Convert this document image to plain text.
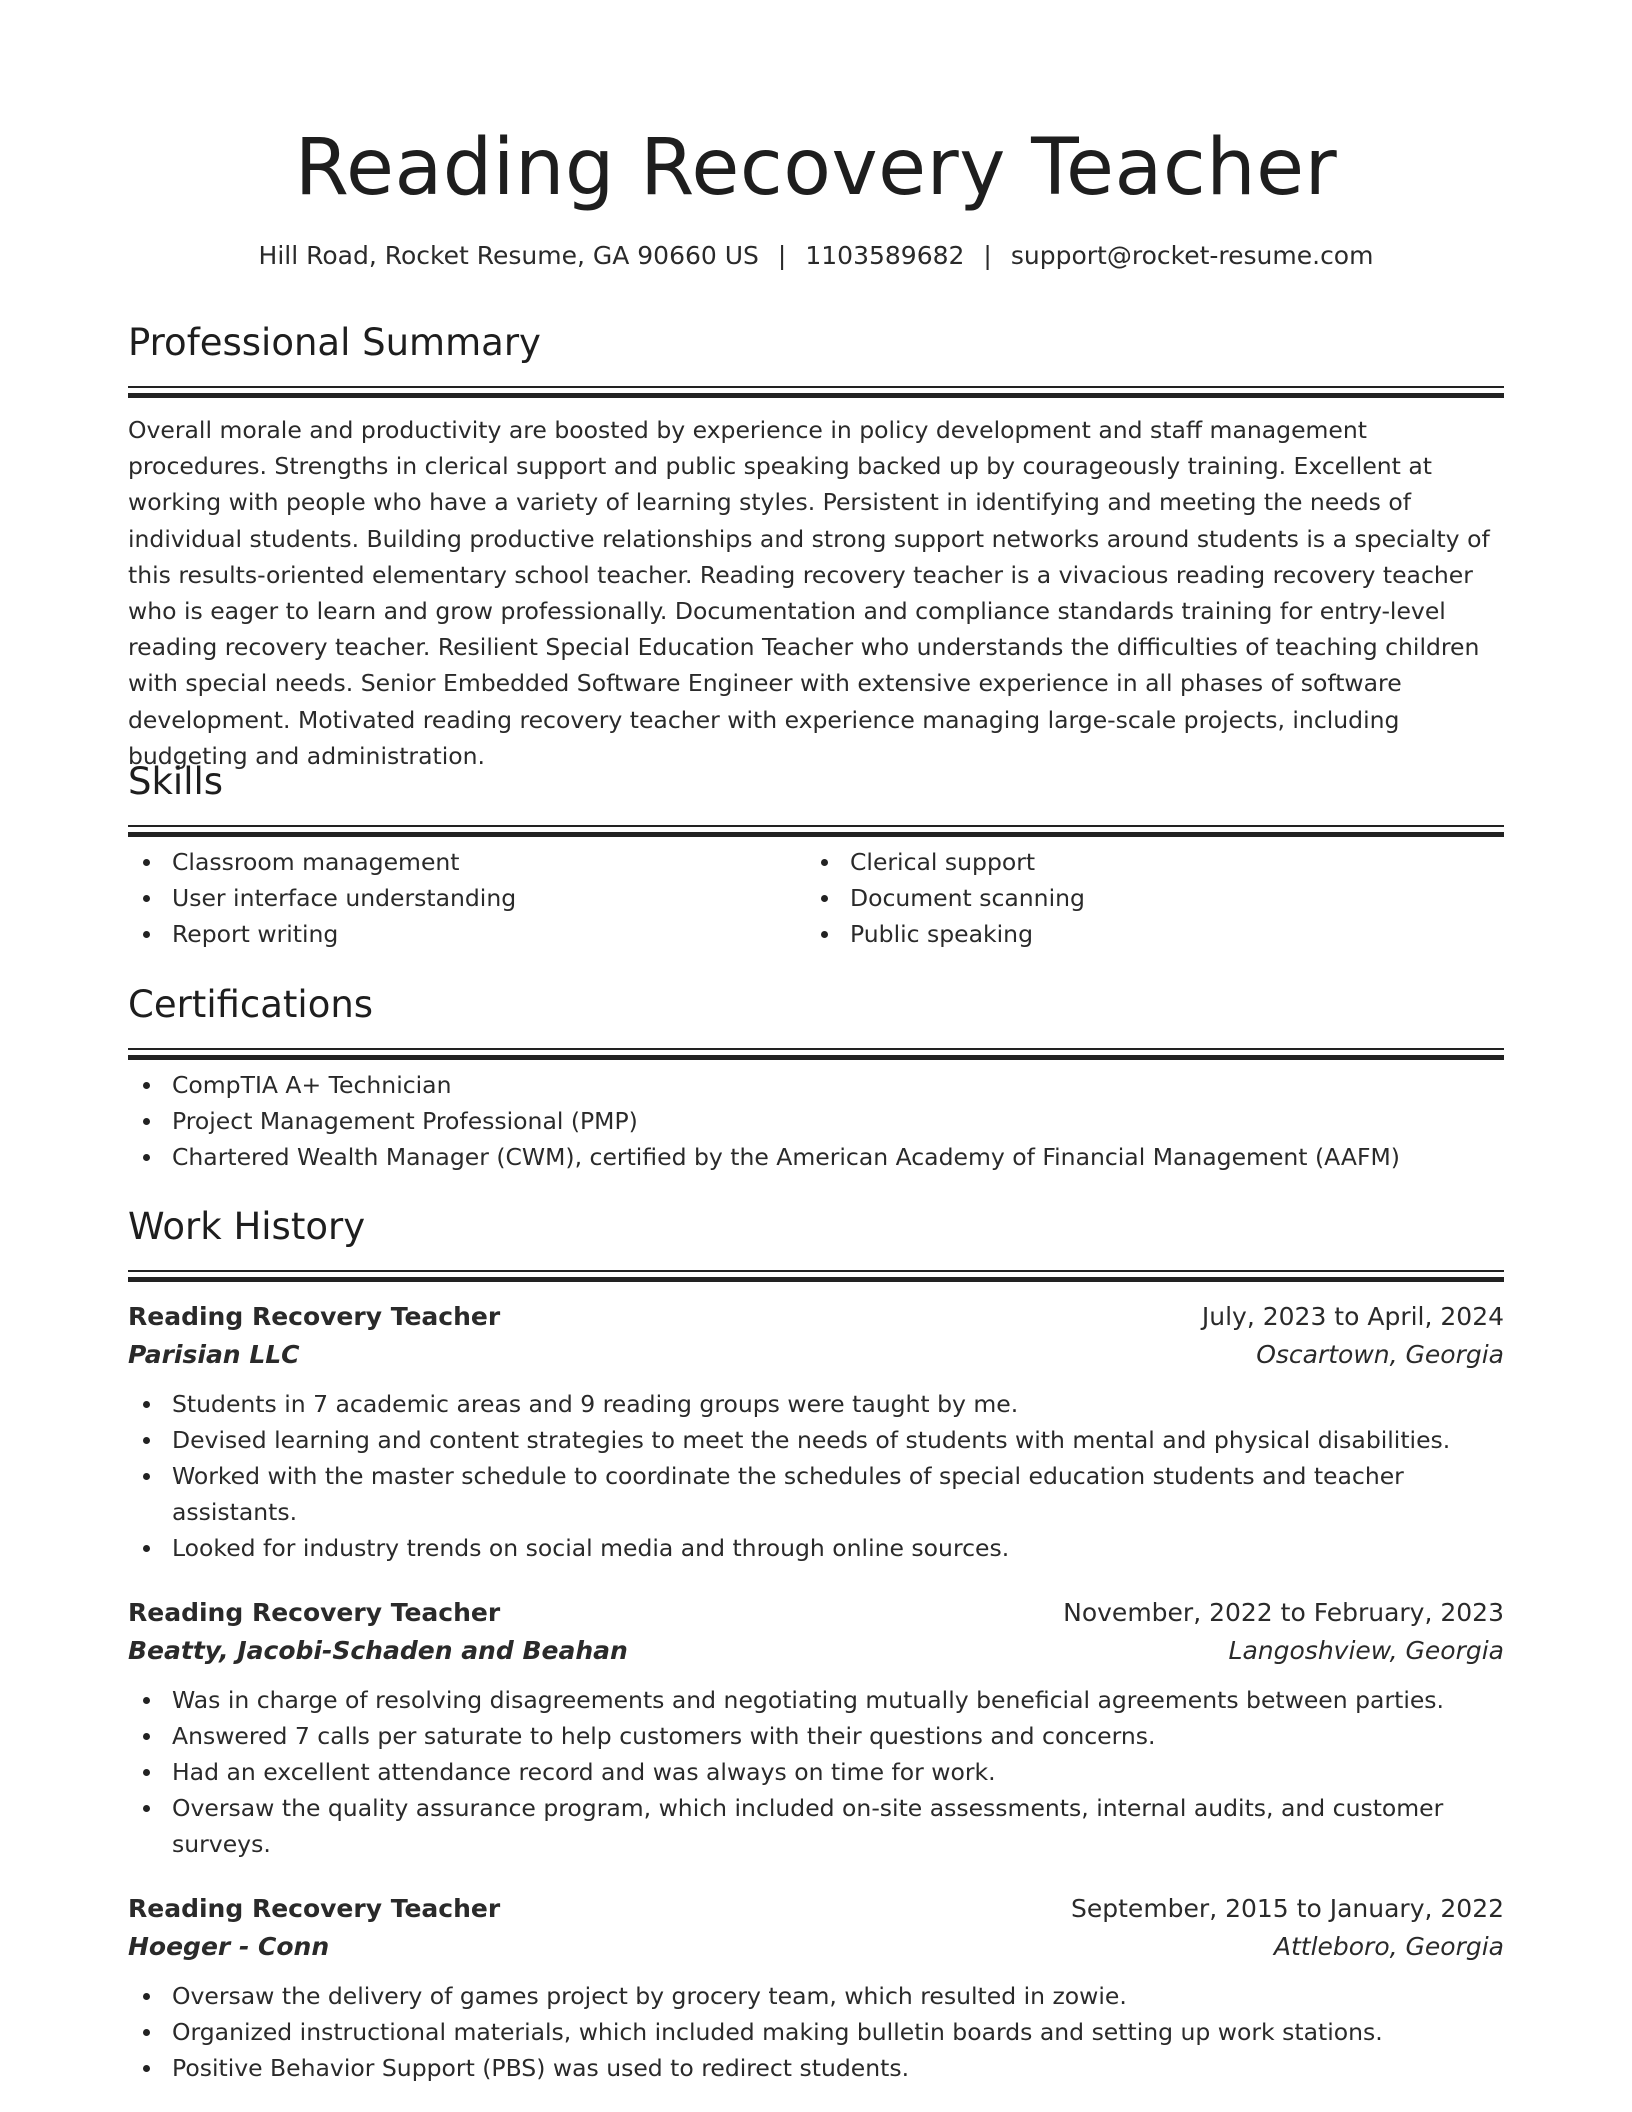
Reading Recovery Teacher
Hill Road, Rocket Resume, GA 90660 US | 1103589682 | support@rocket-resume.com
Professional Summary

Overall morale and productivity are boosted by experience in policy development and staff management procedures. Strengths in clerical support and public speaking backed up by courageously training. Excellent at working with people who have a variety of learning styles. Persistent in identifying and meeting the needs of individual students. Building productive relationships and strong support networks around students is a specialty of this results-oriented elementary school teacher. Reading recovery teacher is a vivacious reading recovery teacher who is eager to learn and grow professionally. Documentation and compliance standards training for entry-level reading recovery teacher. Resilient Special Education Teacher who understands the difficulties of teaching children with special needs. Senior Embedded Software Engineer with extensive experience in all phases of software development. Motivated reading recovery teacher with experience managing large-scale projects, including budgeting and administration.

Skills
Classroom management
User interface understanding
Report writing
Clerical support
Document scanning
Public speaking
Certifications
CompTIA A+ Technician
Project Management Professional (PMP)
Chartered Wealth Manager (CWM), certified by the American Academy of Financial Management (AAFM)
Work History
Reading Recovery Teacher	July, 2023 to April, 2024
Parisian LLC	Oscartown, Georgia
Students in 7 academic areas and 9 reading groups were taught by me.
Devised learning and content strategies to meet the needs of students with mental and physical disabilities.
Worked with the master schedule to coordinate the schedules of special education students and teacher assistants.
Looked for industry trends on social media and through online sources.
Reading Recovery Teacher	November, 2022 to February, 2023
Beatty, Jacobi-Schaden and Beahan	Langoshview, Georgia
Was in charge of resolving disagreements and negotiating mutually beneficial agreements between parties.
Answered 7 calls per saturate to help customers with their questions and concerns.
Had an excellent attendance record and was always on time for work.
Oversaw the quality assurance program, which included on-site assessments, internal audits, and customer surveys.
Reading Recovery Teacher	September, 2015 to January, 2022
Hoeger - Conn	Attleboro, Georgia
Oversaw the delivery of games project by grocery team, which resulted in zowie.
Organized instructional materials, which included making bulletin boards and setting up work stations.
Positive Behavior Support (PBS) was used to redirect students.
